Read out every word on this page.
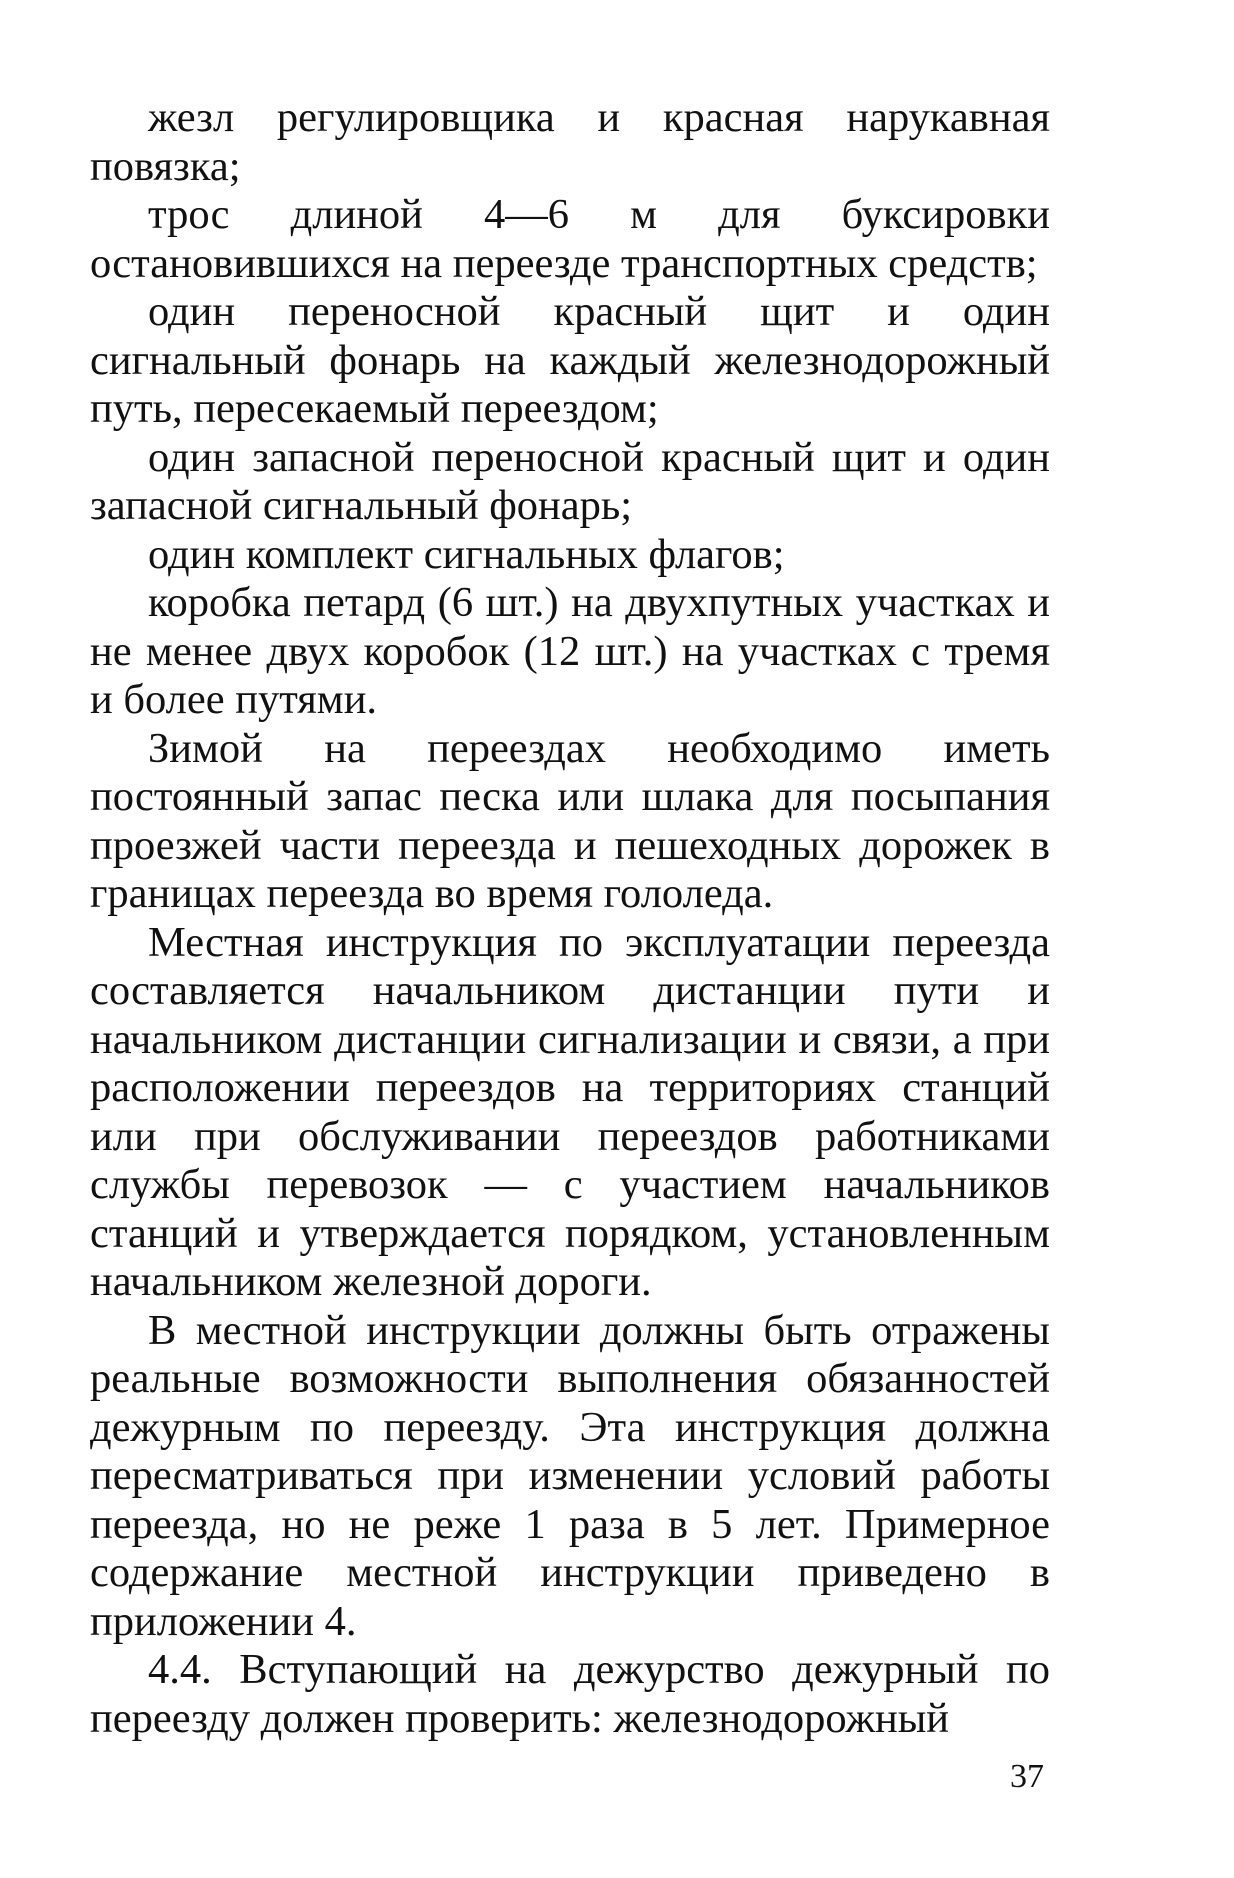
жезл регулировщика и красная нарукавная повязка;

трос длиной 4—6 м для буксировки остановившихся на переезде транспортных средств;

один переносной красный щит и один сигнальный фонарь на каждый железнодорожный путь, пересекаемый переездом;

один запасной переносной красный щит и один запасной сигнальный фонарь;

один комплект сигнальных флагов;

коробка петард (6 шт.) на двухпутных участках и не менее двух коробок (12 шт.) на участках с тремя и более путями.

Зимой на переездах необходимо иметь постоянный запас песка или шлака для посыпания проезжей части переезда и пешеходных дорожек в границах переезда во время гололеда.

Местная инструкция по эксплуатации переезда составляется начальником дистанции пути и начальником дистанции сигнализации и связи, а при расположении переездов на территориях станций или при обслуживании переездов работниками службы перевозок — с участием начальников станций и утверждается порядком, установленным начальником железной дороги.

В местной инструкции должны быть отражены реальные возможности выполнения обязанностей дежурным по переезду. Эта инструкция должна пересматриваться при изменении условий работы переезда, но не реже 1 раза в 5 лет. Примерное содержание местной инструкции приведено в приложении 4.

4.4. Вступающий на дежурство дежурный по переезду должен проверить: железнодорожный

37
